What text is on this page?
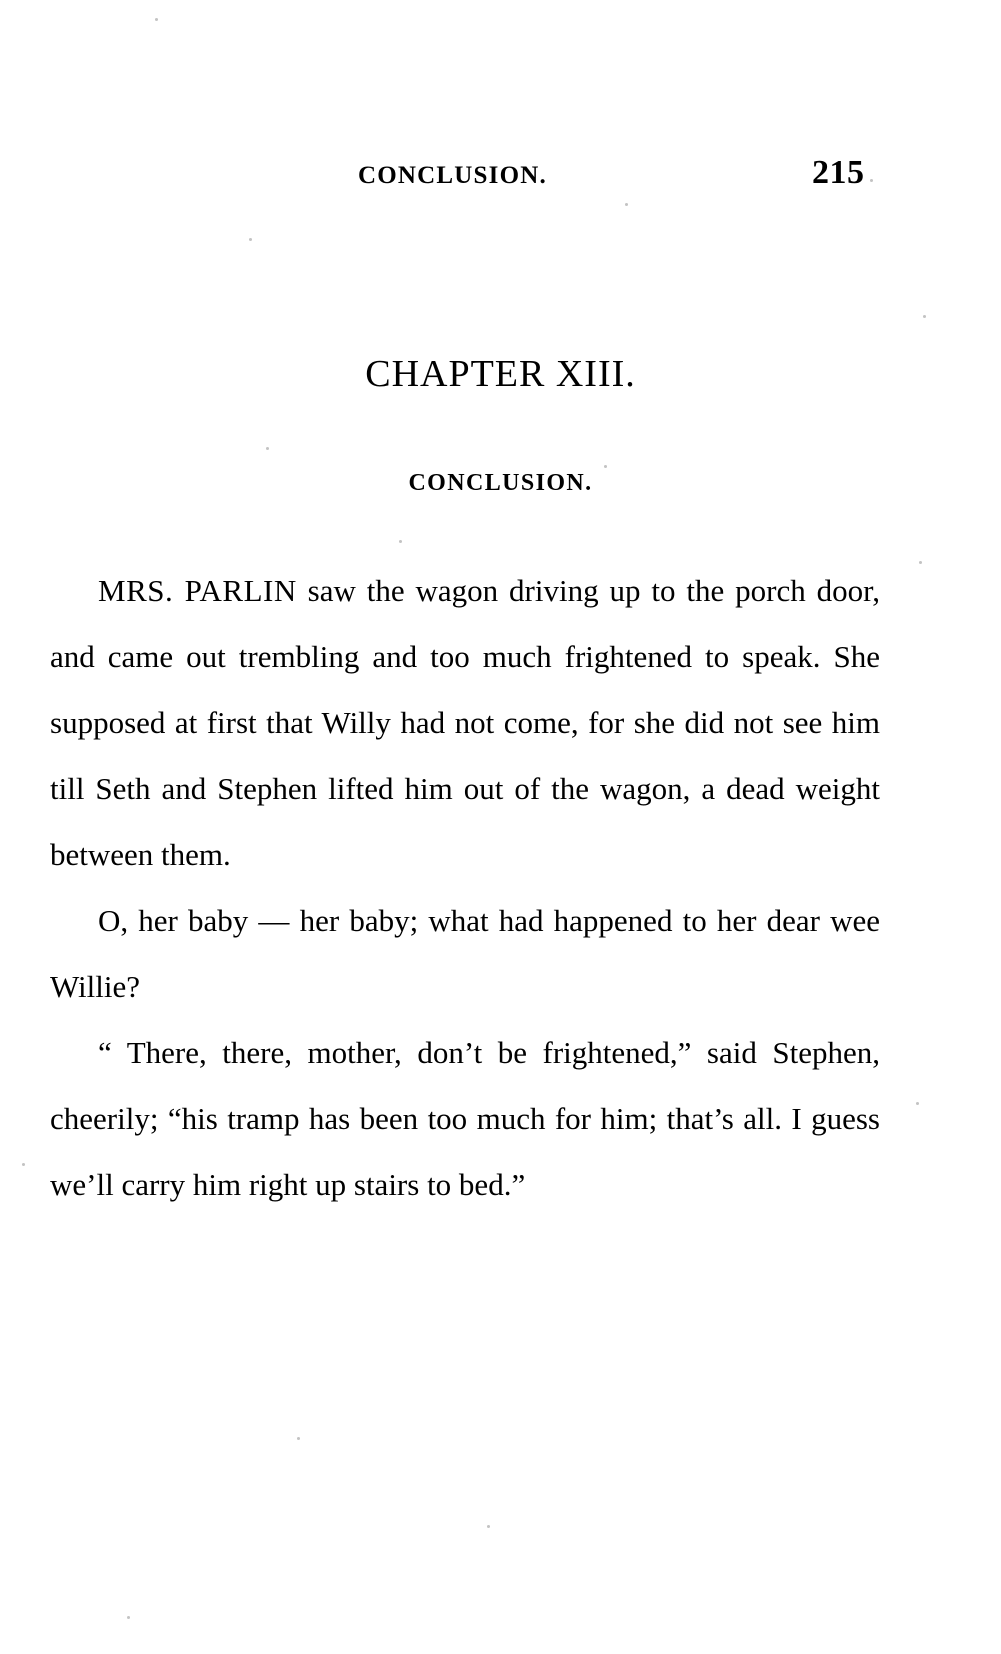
CONCLUSION.	215
CHAPTER XIII.
CONCLUSION.

MRS. PARLIN saw the wagon driving up to the porch door, and came out trembling and too much frightened to speak. She supposed at first that Willy had not come, for she did not see him till Seth and Stephen lifted him out of the wagon, a dead weight between them.

O, her baby — her baby; what had happened to her dear wee Willie?

“ There, there, mother, don’t be frightened,” said Stephen, cheerily; “his tramp has been too much for him; that’s all. I guess we’ll carry him right up stairs to bed.”
